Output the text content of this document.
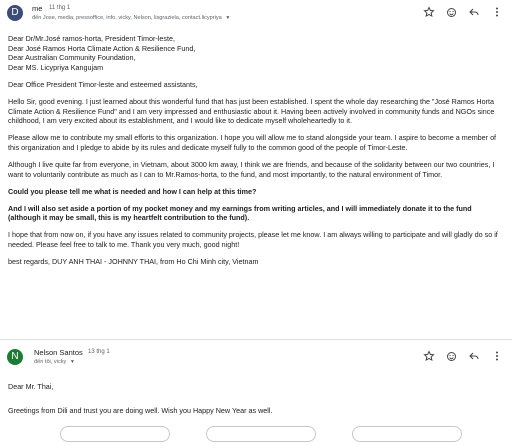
D	me 11 thg 1
đến Jose, media, pressoffice, info, vicky, Nelson, lisgraziela, contact.licypriya ▼

Dear Dr/Mr.José ramos-horta, President Timor-leste,

Dear José Ramos Horta Climate Action & Resilience Fund,

Dear Australian Community Foundation,

Dear MS. Licypriya Kangujam

Dear Office President Timor-leste and esteemed assistants,

Hello Sir, good evening. I just learned about this wonderful fund that has just been established. I spent the whole day researching the "José Ramos Horta Climate Action & Resilience Fund" and I am very impressed and enthusiastic about it. Having been actively involved in community funds and NGOs since childhood, I am very excited about its establishment, and I would like to dedicate myself wholeheartedly to it.

Please allow me to contribute my small efforts to this organization. I hope you will allow me to stand alongside your team. I aspire to become a member of this organization and I pledge to abide by its rules and dedicate myself fully to the common good of the people of Timor-Leste.

Although I live quite far from everyone, in Vietnam, about 3000 km away, I think we are friends, and because of the solidarity between our two countries, I want to voluntarily contribute as much as I can to Mr.Ramos-horta, to the fund, and most importantly, to the natural environment of Timor.

Could you please tell me what is needed and how I can help at this time?

And I will also set aside a portion of my pocket money and my earnings from writing articles, and I will immediately donate it to the fund (although it may be small, this is my heartfelt contribution to the fund).

I hope that from now on, if you have any issues related to community projects, please let me know. I am always willing to participate and will gladly do so if needed. Please feel free to talk to me. Thank you very much, good night!

best regards, DUY ANH THAI - JOHNNY THAI, from Ho Chi Minh city, Vietnam

N	Nelson Santos 13 thg 1
đến tôi, vicky ▼

Dear Mr. Thai,

Greetings from Dili and trust you are doing well. Wish you Happy New Year as well.
